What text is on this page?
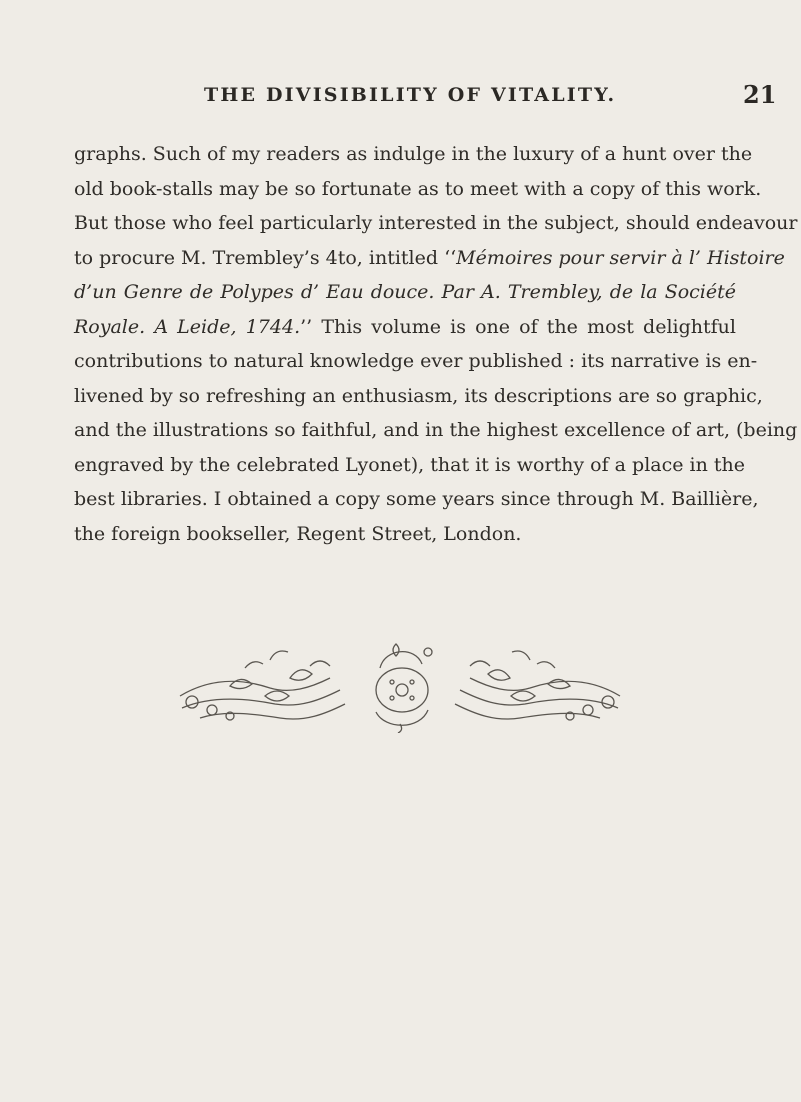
THE DIVISIBILITY OF VITALITY.	21

graphs. Such of my readers as indulge in the luxury of a hunt over the
old book-stalls may be so fortunate as to meet with a copy of this work.
But those who feel particularly interested in the subject, should endeavour
to procure M. Trembley’s 4to, intitled ‘‘Mémoires pour servir à l’ Histoire
d’un Genre de Polypes d’ Eau douce. Par A. Trembley, de la Société
Royale. A Leide, 1744.’’ This volume is one of the most delightful
contributions to natural knowledge ever published : its narrative is en-
livened by so refreshing an enthusiasm, its descriptions are so graphic,
and the illustrations so faithful, and in the highest excellence of art, (being
engraved by the celebrated Lyonet), that it is worthy of a place in the
best libraries. I obtained a copy some years since through M. Baillière,
the foreign bookseller, Regent Street, London.
